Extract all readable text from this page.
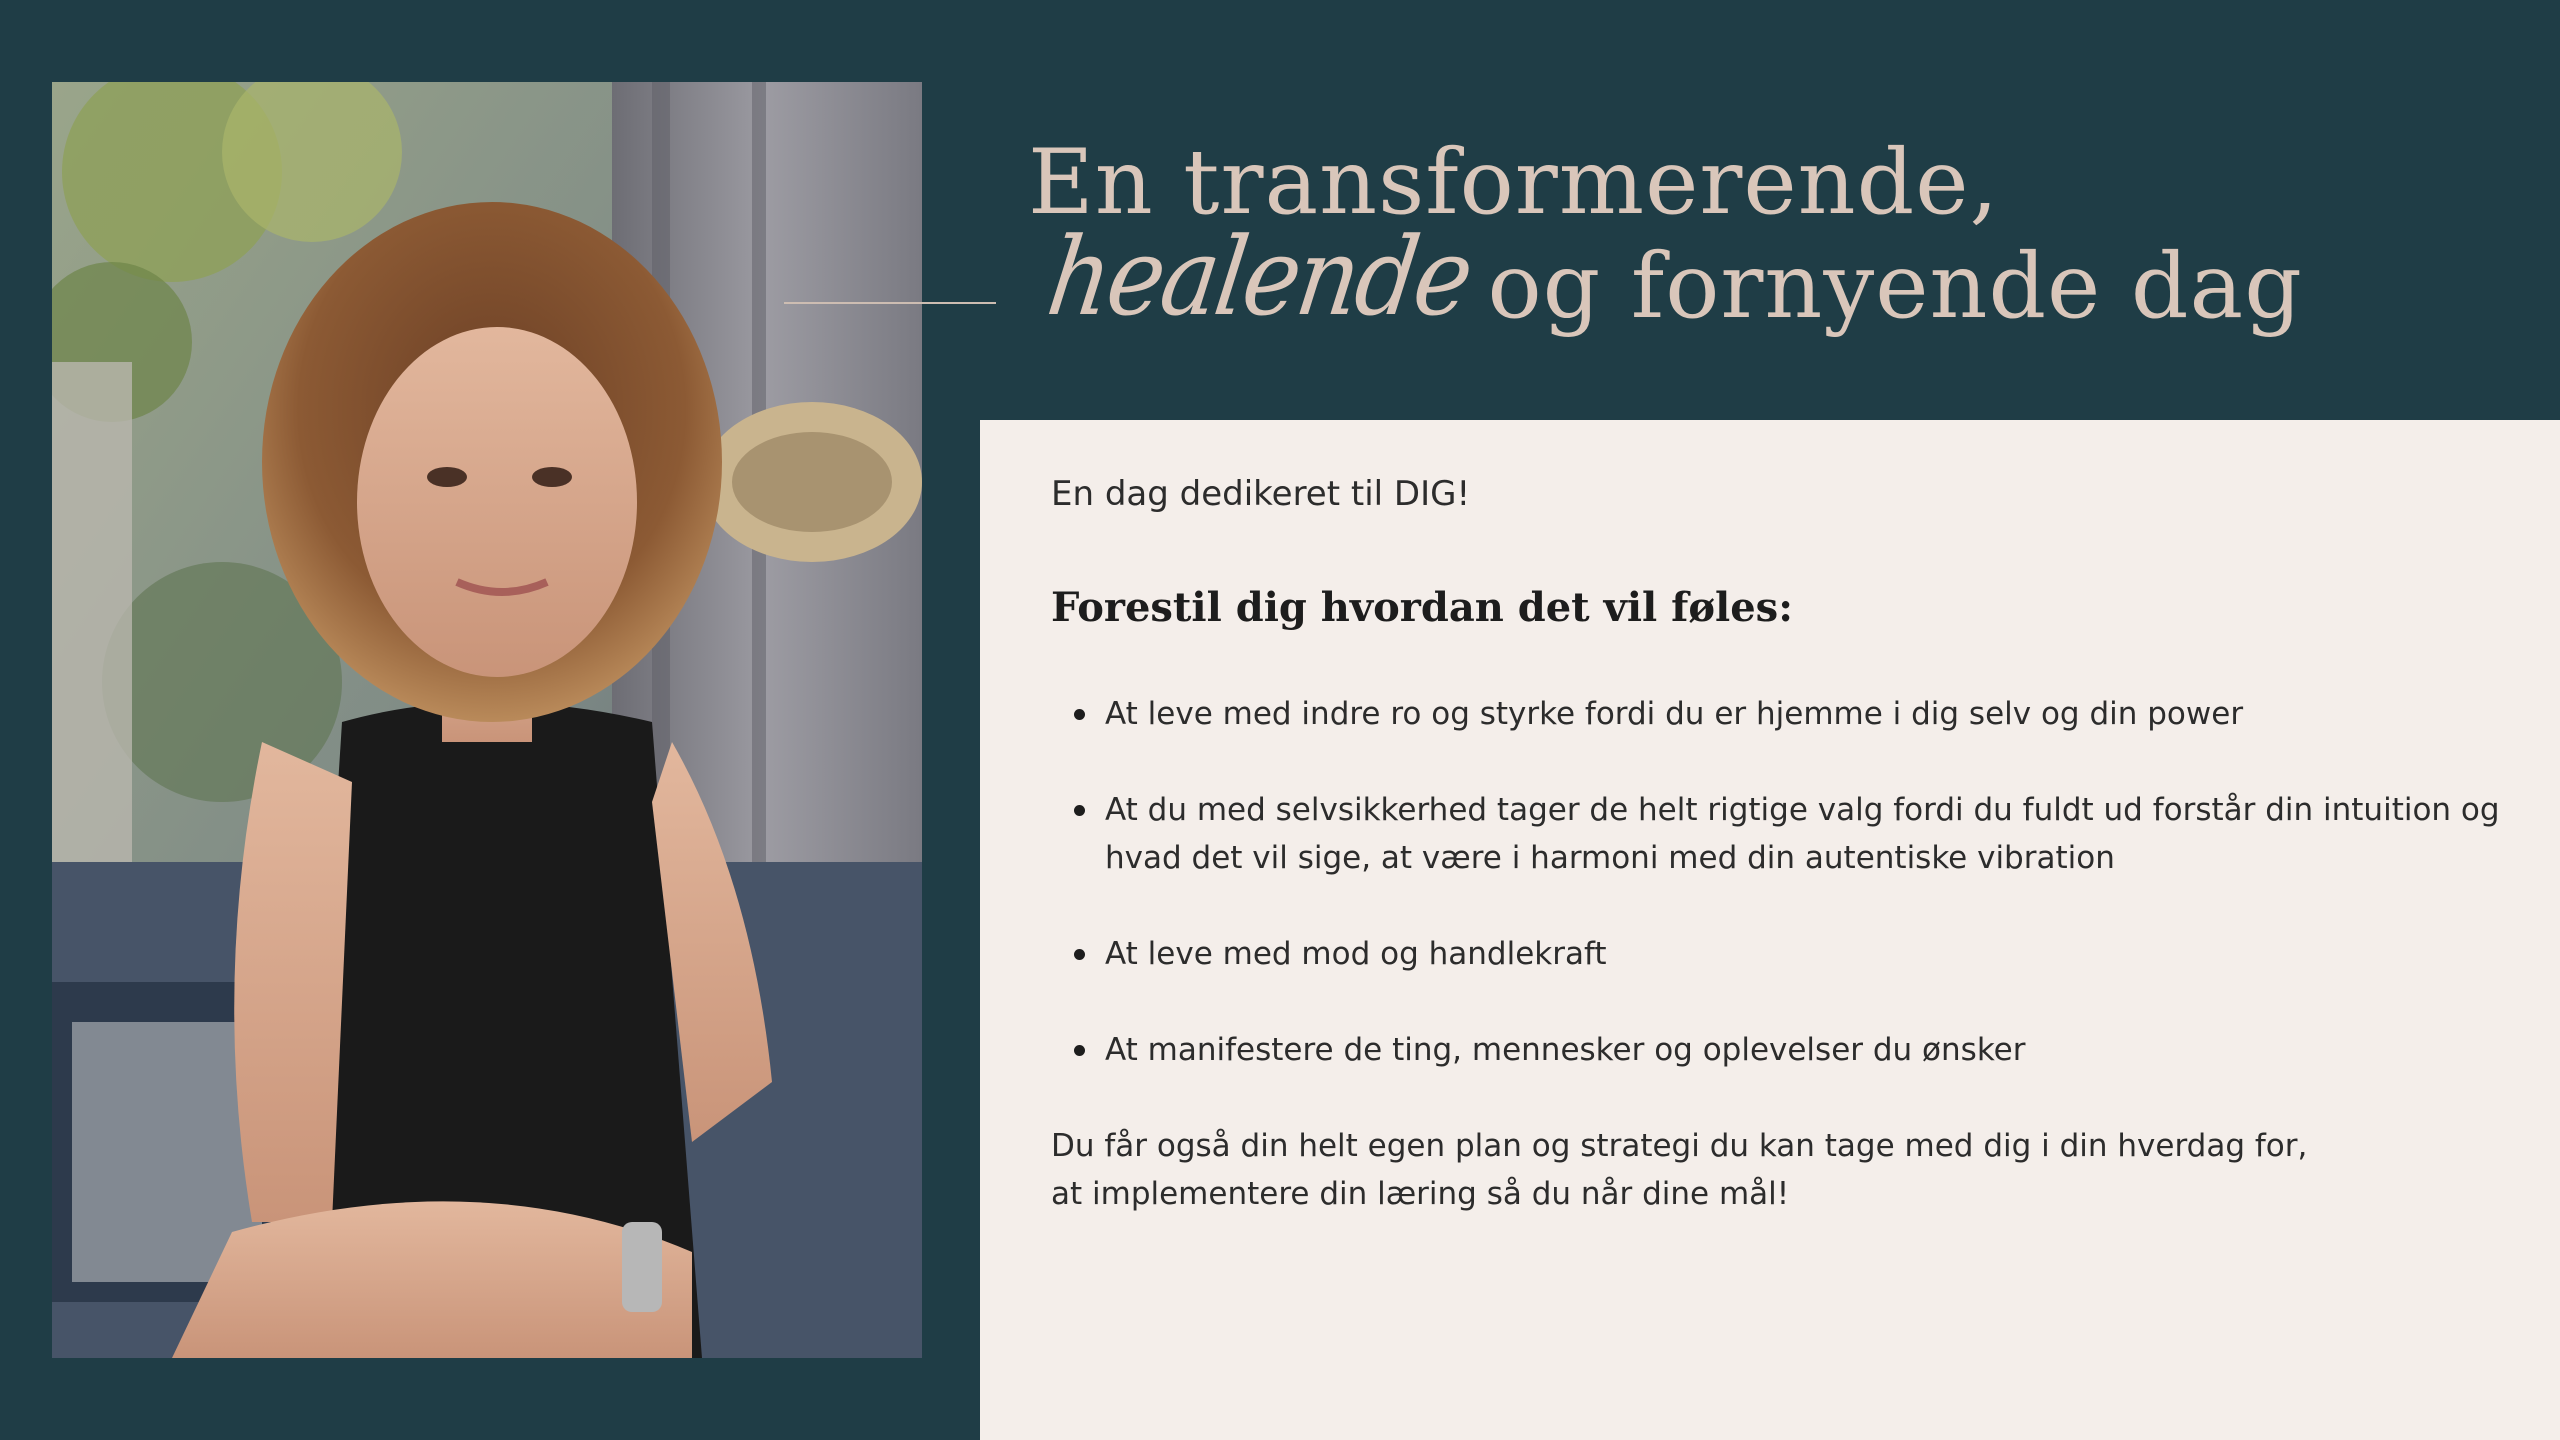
En transformerende,
healende og fornyende dag
En dag dedikeret til DIG!
Forestil dig hvordan det vil føles:
At leve med indre ro og styrke fordi du er hjemme i dig selv og din power
At du med selvsikkerhed tager de helt rigtige valg fordi du fuldt ud forstår din intuition og hvad det vil sige, at være i harmoni med din autentiske vibration
At leve med mod og handlekraft
At manifestere de ting, mennesker og oplevelser du ønsker
Du får også din helt egen plan og strategi du kan tage med dig i din hverdag for,
at implementere din læring så du når dine mål!
